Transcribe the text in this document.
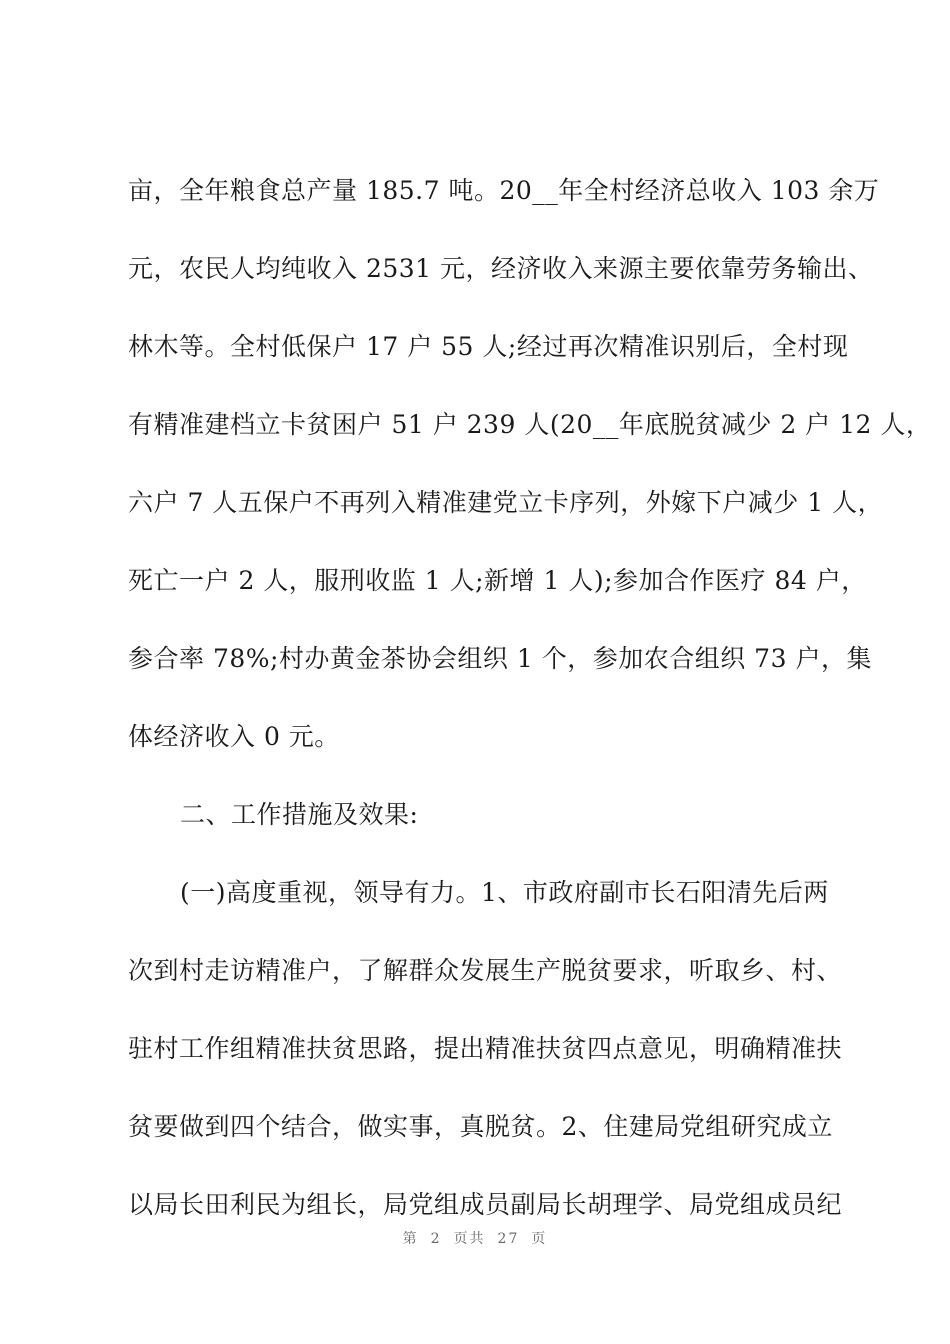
亩，全年粮食总产量 185.7 吨。20__年全村经济总收入 103 余万
元，农民人均纯收入 2531 元，经济收入来源主要依靠劳务输出、
林木等。全村低保户 17 户 55 人;经过再次精准识别后，全村现
有精准建档立卡贫困户 51 户 239 人(20__年底脱贫减少 2 户 12 人，
六户 7 人五保户不再列入精准建党立卡序列，外嫁下户减少 1 人，
死亡一户 2 人，服刑收监 1 人;新增 1 人);参加合作医疗 84 户，
参合率 78%;村办黄金茶协会组织 1 个，参加农合组织 73 户，集
体经济收入 0 元。
二、工作措施及效果:
(一)高度重视，领导有力。1、市政府副市长石阳清先后两
次到村走访精准户，了解群众发展生产脱贫要求，听取乡、村、
驻村工作组精准扶贫思路，提出精准扶贫四点意见，明确精准扶
贫要做到四个结合，做实事，真脱贫。2、住建局党组研究成立
以局长田利民为组长，局党组成员副局长胡理学、局党组成员纪
第 2 页共 27 页
